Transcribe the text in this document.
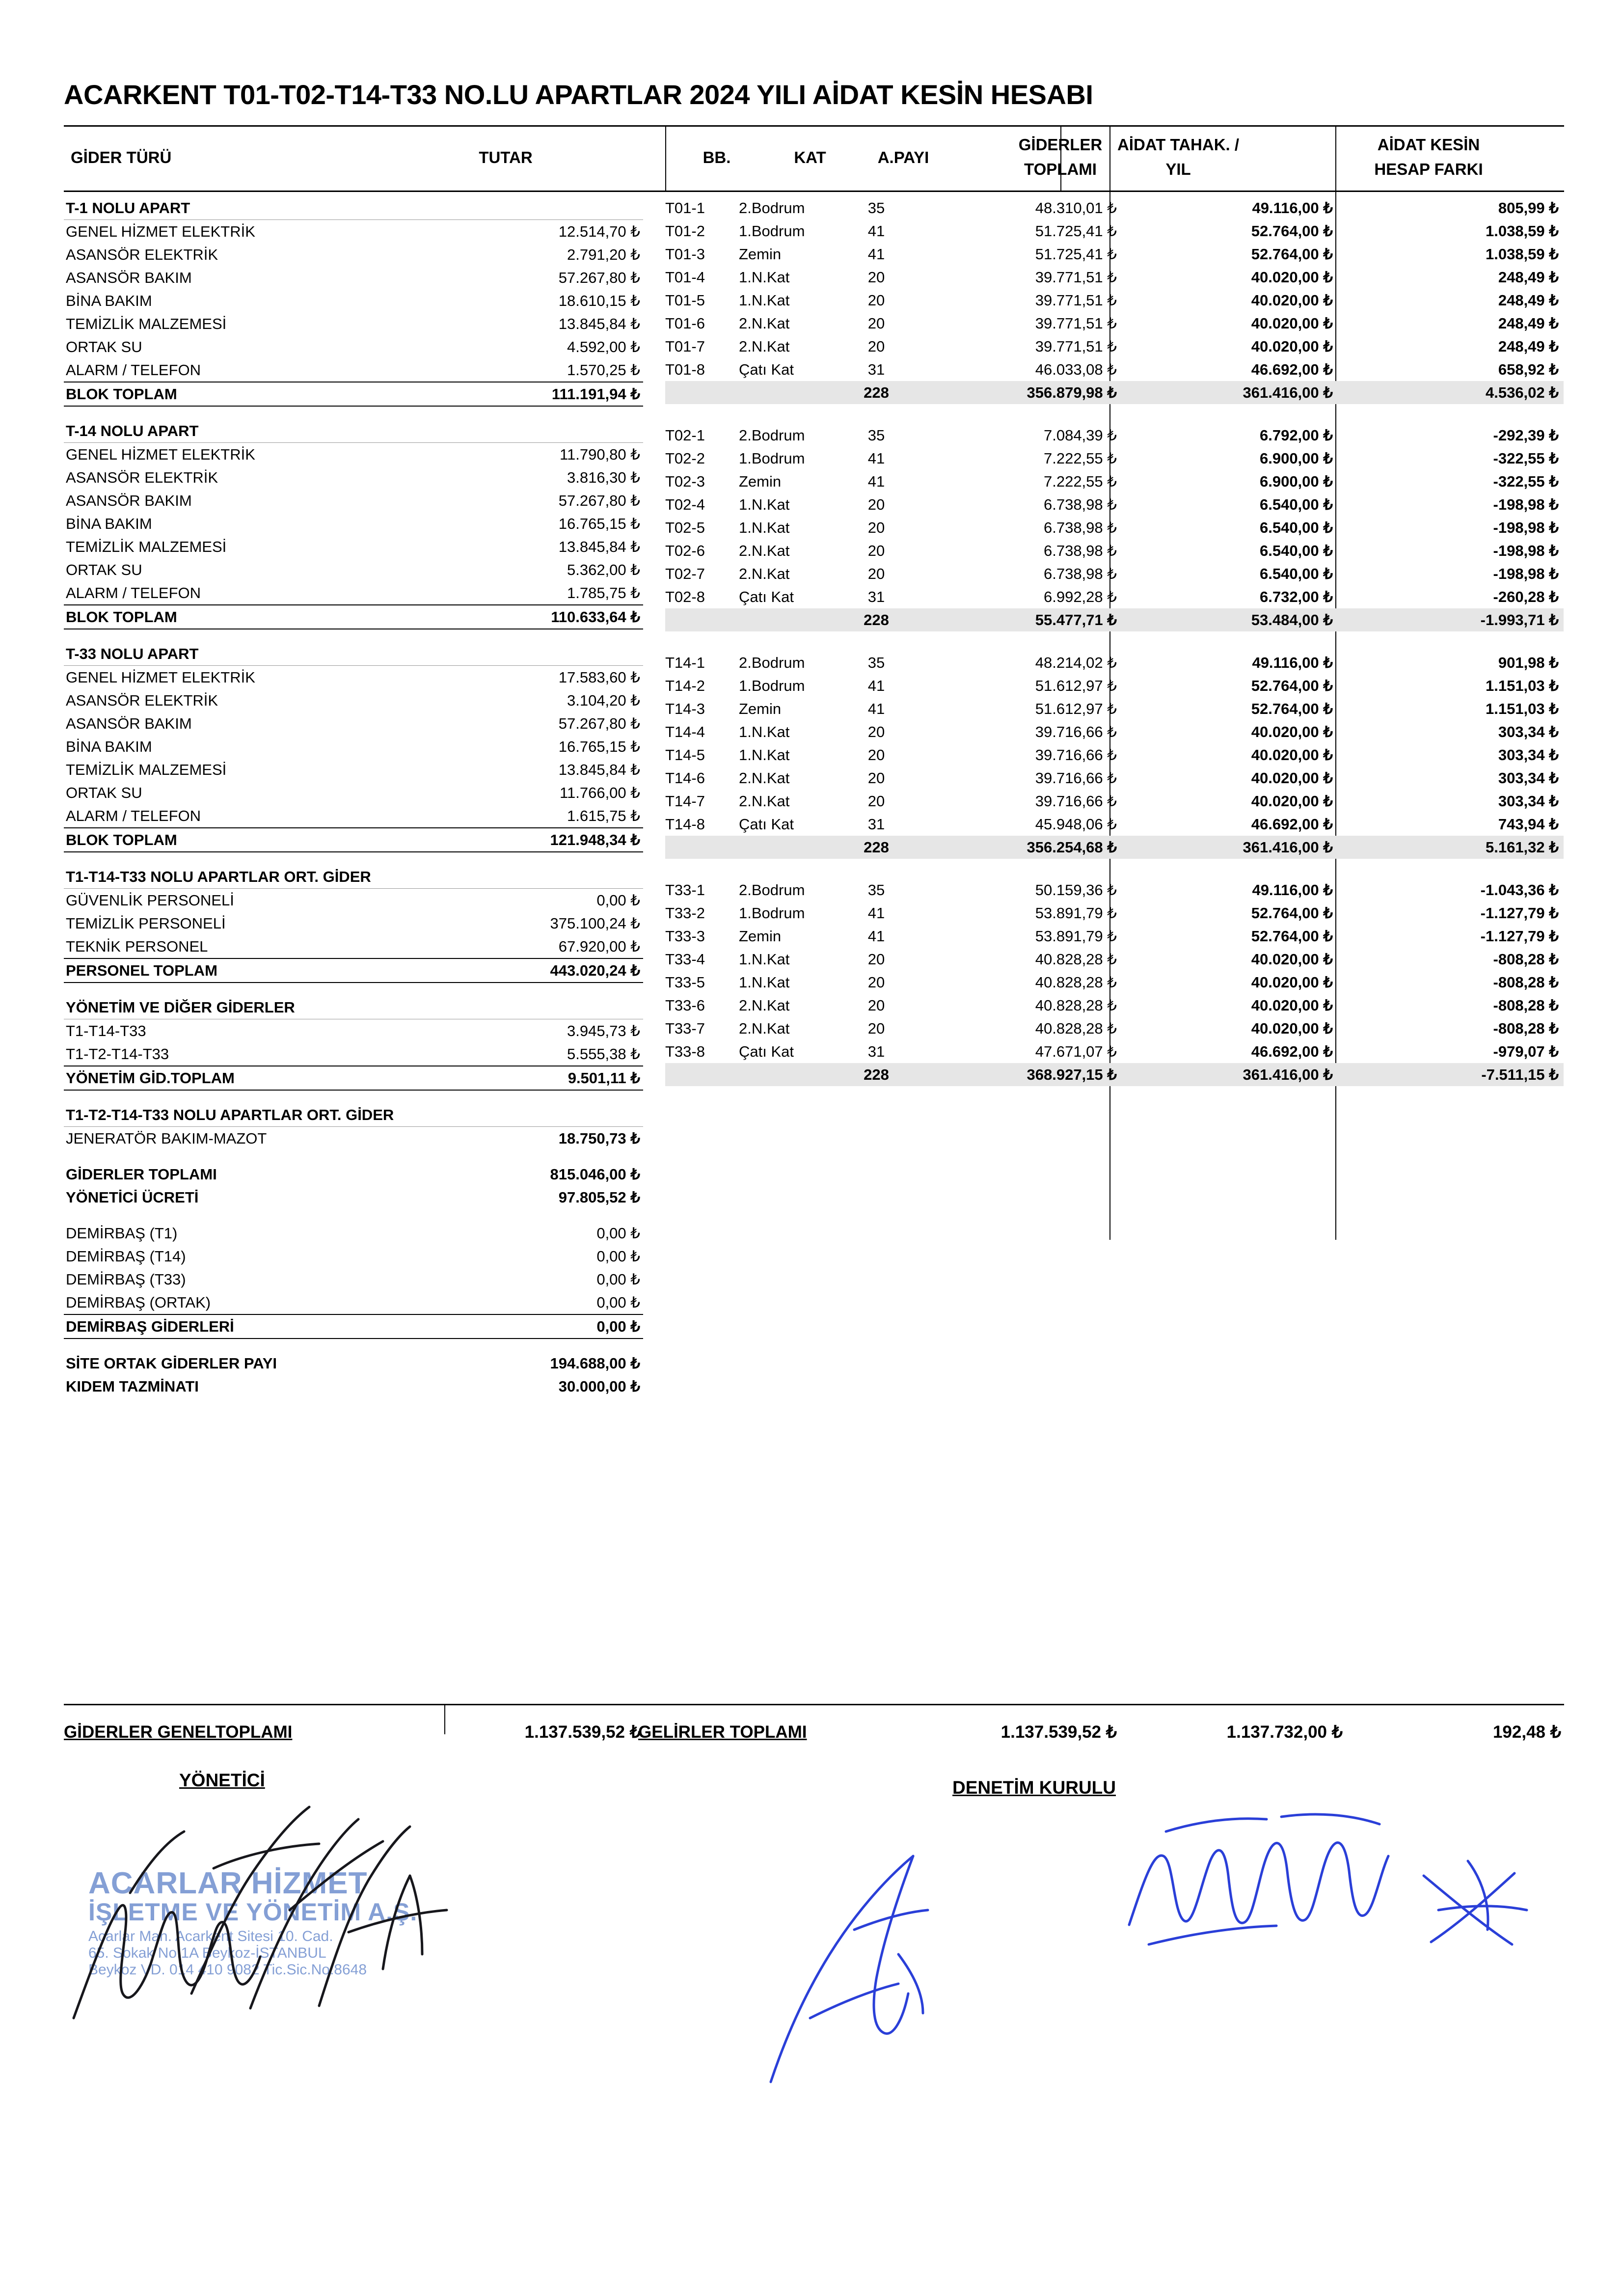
ACARKENT T01-T02-T14-T33 NO.LU APARTLAR 2024 YILI AİDAT KESİN HESABI
GİDER TÜRÜ	TUTAR	BB.	KAT	A.PAYI
GİDERLER
TOPLAMI
AİDAT TAHAK. /
YIL
AİDAT KESİN
HESAP FARKI
T-1 NOLU APART
GENEL HİZMET ELEKTRİK	12.514,70 ₺
ASANSÖR ELEKTRİK	2.791,20 ₺
ASANSÖR BAKIM	57.267,80 ₺
BİNA BAKIM	18.610,15 ₺
TEMİZLİK MALZEMESİ	13.845,84 ₺
ORTAK SU	4.592,00 ₺
ALARM / TELEFON	1.570,25 ₺
BLOK TOPLAM	111.191,94 ₺
T-14 NOLU APART
GENEL HİZMET ELEKTRİK	11.790,80 ₺
ASANSÖR ELEKTRİK	3.816,30 ₺
ASANSÖR BAKIM	57.267,80 ₺
BİNA BAKIM	16.765,15 ₺
TEMİZLİK MALZEMESİ	13.845,84 ₺
ORTAK SU	5.362,00 ₺
ALARM / TELEFON	1.785,75 ₺
BLOK TOPLAM	110.633,64 ₺
T-33 NOLU APART
GENEL HİZMET ELEKTRİK	17.583,60 ₺
ASANSÖR ELEKTRİK	3.104,20 ₺
ASANSÖR BAKIM	57.267,80 ₺
BİNA BAKIM	16.765,15 ₺
TEMİZLİK MALZEMESİ	13.845,84 ₺
ORTAK SU	11.766,00 ₺
ALARM / TELEFON	1.615,75 ₺
BLOK TOPLAM	121.948,34 ₺
T1-T14-T33 NOLU APARTLAR ORT. GİDER
GÜVENLİK PERSONELİ	0,00 ₺
TEMİZLİK PERSONELİ	375.100,24 ₺
TEKNİK PERSONEL	67.920,00 ₺
PERSONEL TOPLAM	443.020,24 ₺
YÖNETİM VE DİĞER GİDERLER
T1-T14-T33	3.945,73 ₺
T1-T2-T14-T33	5.555,38 ₺
YÖNETİM GİD.TOPLAM	9.501,11 ₺
T1-T2-T14-T33 NOLU APARTLAR ORT. GİDER
JENERATÖR BAKIM-MAZOT	18.750,73 ₺
GİDERLER TOPLAMI	815.046,00 ₺
YÖNETİCİ ÜCRETİ	97.805,52 ₺
DEMİRBAŞ (T1)	0,00 ₺
DEMİRBAŞ (T14)	0,00 ₺
DEMİRBAŞ (T33)	0,00 ₺
DEMİRBAŞ (ORTAK)	0,00 ₺
DEMİRBAŞ GİDERLERİ	0,00 ₺
SİTE ORTAK GİDERLER PAYI	194.688,00 ₺
KIDEM TAZMİNATI	30.000,00 ₺
T01-1	2.Bodrum	35	48.310,01 ₺	49.116,00 ₺	805,99 ₺
T01-2	1.Bodrum	41	51.725,41 ₺	52.764,00 ₺	1.038,59 ₺
T01-3	Zemin	41	51.725,41 ₺	52.764,00 ₺	1.038,59 ₺
T01-4	1.N.Kat	20	39.771,51 ₺	40.020,00 ₺	248,49 ₺
T01-5	1.N.Kat	20	39.771,51 ₺	40.020,00 ₺	248,49 ₺
T01-6	2.N.Kat	20	39.771,51 ₺	40.020,00 ₺	248,49 ₺
T01-7	2.N.Kat	20	39.771,51 ₺	40.020,00 ₺	248,49 ₺
T01-8	Çatı Kat	31	46.033,08 ₺	46.692,00 ₺	658,92 ₺
228	356.879,98 ₺	361.416,00 ₺	4.536,02 ₺
T02-1	2.Bodrum	35	7.084,39 ₺	6.792,00 ₺	-292,39 ₺
T02-2	1.Bodrum	41	7.222,55 ₺	6.900,00 ₺	-322,55 ₺
T02-3	Zemin	41	7.222,55 ₺	6.900,00 ₺	-322,55 ₺
T02-4	1.N.Kat	20	6.738,98 ₺	6.540,00 ₺	-198,98 ₺
T02-5	1.N.Kat	20	6.738,98 ₺	6.540,00 ₺	-198,98 ₺
T02-6	2.N.Kat	20	6.738,98 ₺	6.540,00 ₺	-198,98 ₺
T02-7	2.N.Kat	20	6.738,98 ₺	6.540,00 ₺	-198,98 ₺
T02-8	Çatı Kat	31	6.992,28 ₺	6.732,00 ₺	-260,28 ₺
228	55.477,71 ₺	53.484,00 ₺	-1.993,71 ₺
T14-1	2.Bodrum	35	48.214,02 ₺	49.116,00 ₺	901,98 ₺
T14-2	1.Bodrum	41	51.612,97 ₺	52.764,00 ₺	1.151,03 ₺
T14-3	Zemin	41	51.612,97 ₺	52.764,00 ₺	1.151,03 ₺
T14-4	1.N.Kat	20	39.716,66 ₺	40.020,00 ₺	303,34 ₺
T14-5	1.N.Kat	20	39.716,66 ₺	40.020,00 ₺	303,34 ₺
T14-6	2.N.Kat	20	39.716,66 ₺	40.020,00 ₺	303,34 ₺
T14-7	2.N.Kat	20	39.716,66 ₺	40.020,00 ₺	303,34 ₺
T14-8	Çatı Kat	31	45.948,06 ₺	46.692,00 ₺	743,94 ₺
228	356.254,68 ₺	361.416,00 ₺	5.161,32 ₺
T33-1	2.Bodrum	35	50.159,36 ₺	49.116,00 ₺	-1.043,36 ₺
T33-2	1.Bodrum	41	53.891,79 ₺	52.764,00 ₺	-1.127,79 ₺
T33-3	Zemin	41	53.891,79 ₺	52.764,00 ₺	-1.127,79 ₺
T33-4	1.N.Kat	20	40.828,28 ₺	40.020,00 ₺	-808,28 ₺
T33-5	1.N.Kat	20	40.828,28 ₺	40.020,00 ₺	-808,28 ₺
T33-6	2.N.Kat	20	40.828,28 ₺	40.020,00 ₺	-808,28 ₺
T33-7	2.N.Kat	20	40.828,28 ₺	40.020,00 ₺	-808,28 ₺
T33-8	Çatı Kat	31	47.671,07 ₺	46.692,00 ₺	-979,07 ₺
228	368.927,15 ₺	361.416,00 ₺	-7.511,15 ₺
GİDERLER GENELTOPLAMI	1.137.539,52 ₺
GELİRLER TOPLAMI	1.137.539,52 ₺	1.137.732,00 ₺	192,48 ₺
YÖNETİCİ	DENETİM KURULU
ACARLAR HİZMET
İŞLETME VE YÖNETİM A.Ş.
Acarlar Mah. Acarkent Sitesi 10. Cad.
65. Sokak No:1A Beykoz-İSTANBUL
Beykoz VD. 014 410 9082 Tic.Sic.No:8648
